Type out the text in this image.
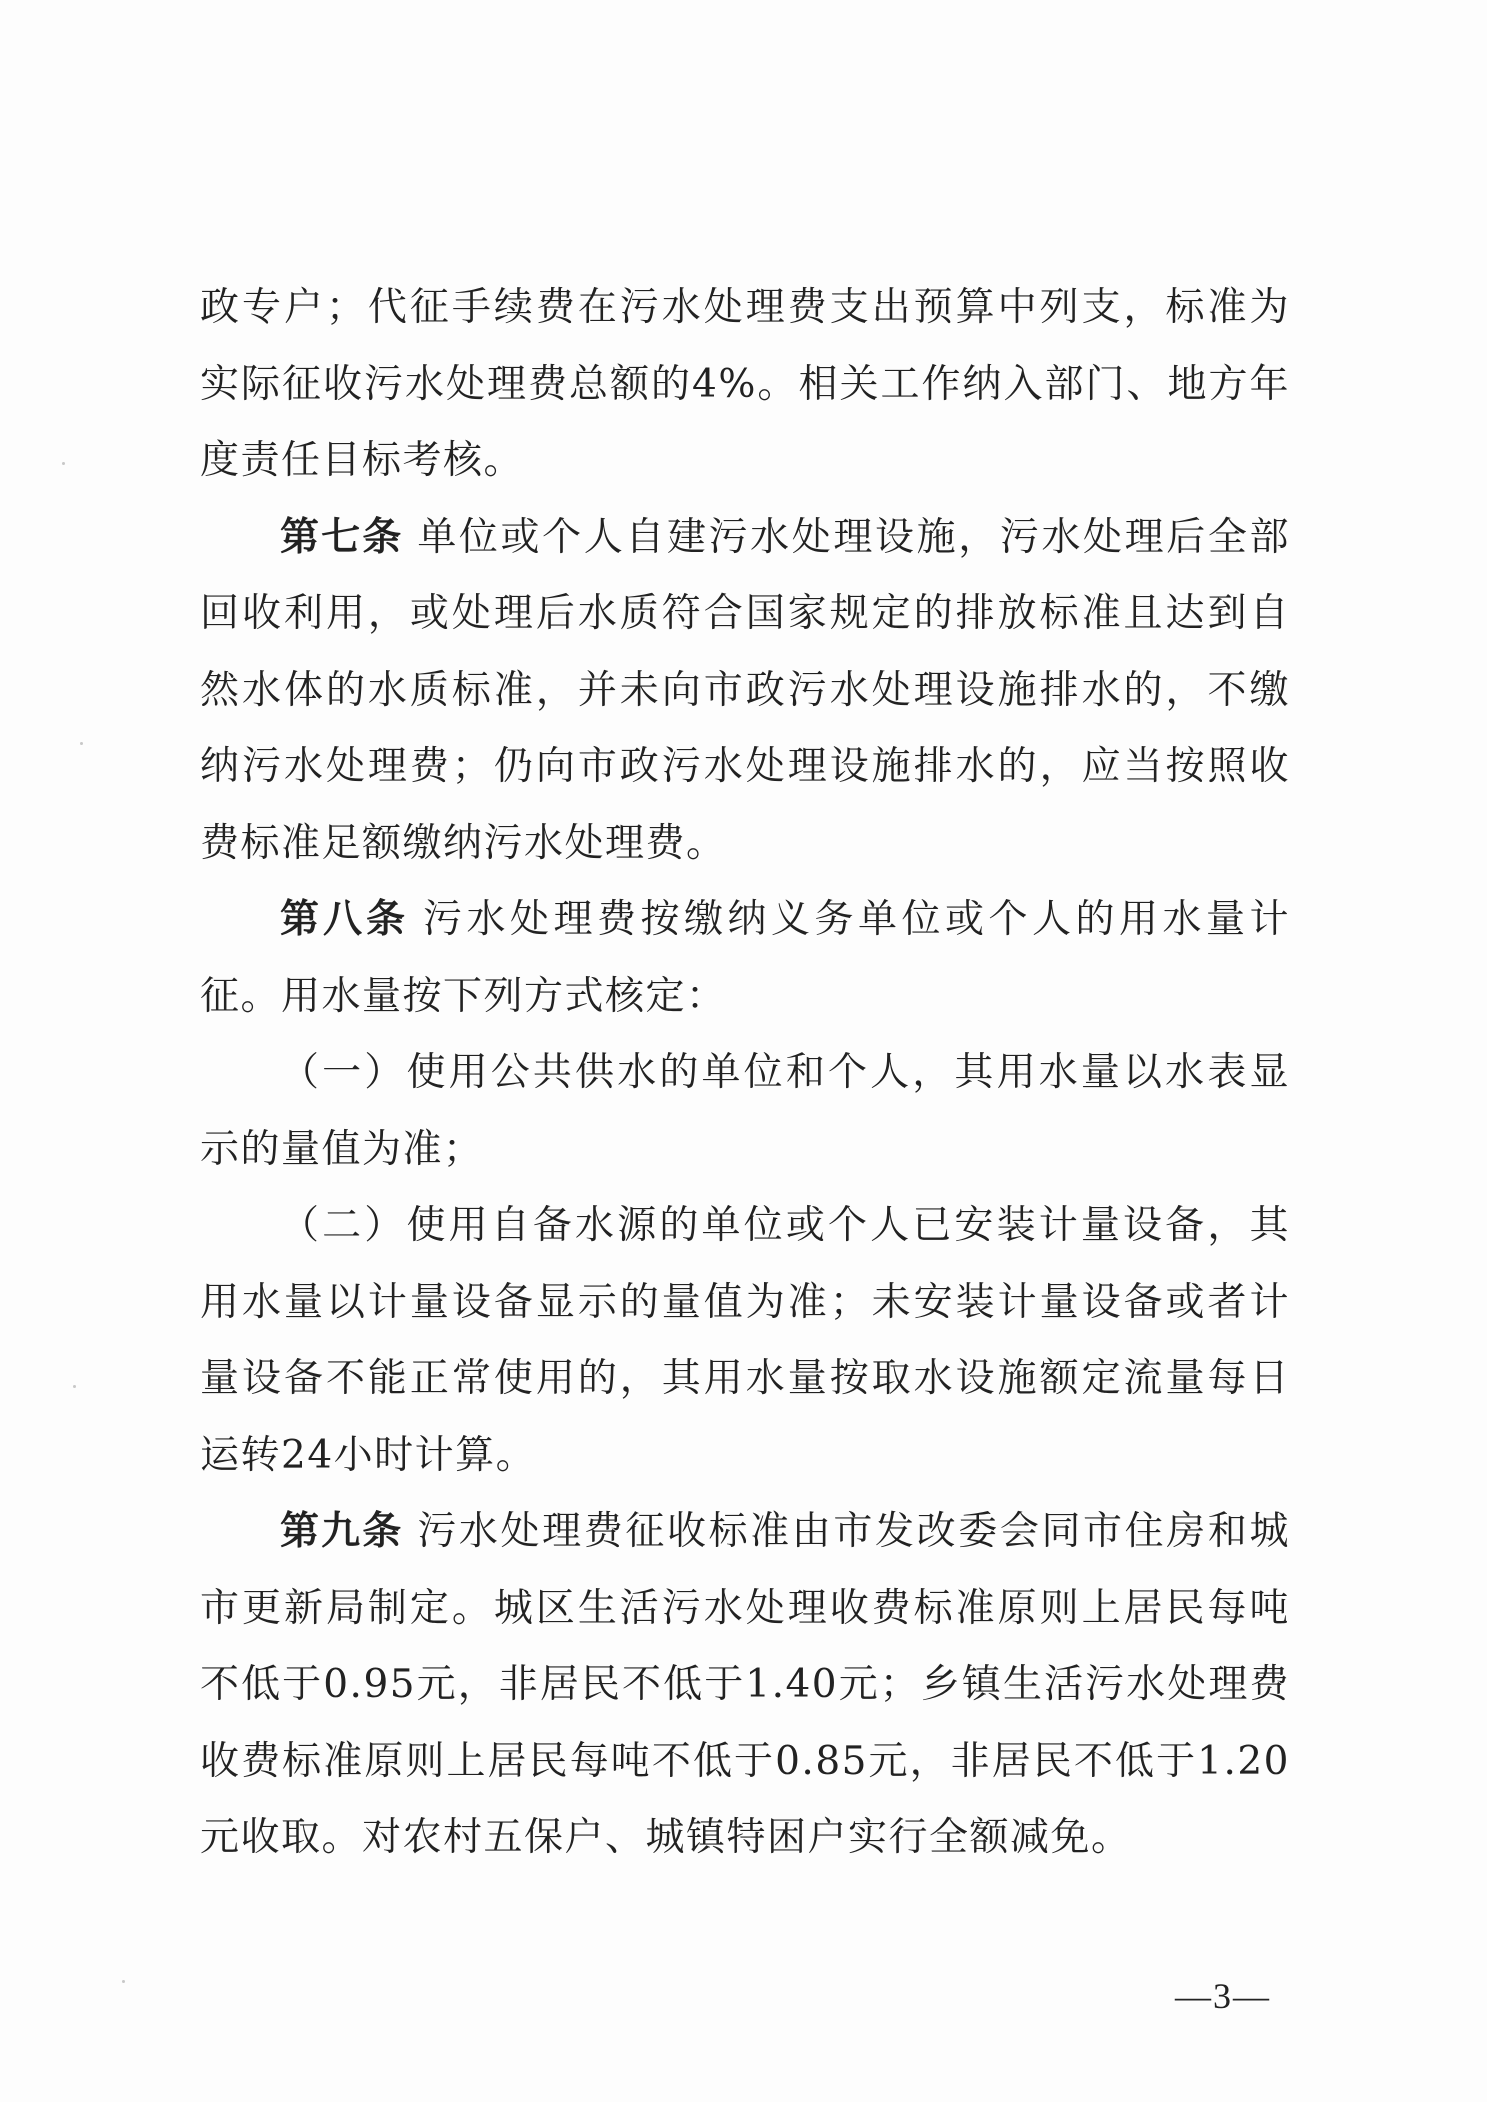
政专户；代征手续费在污水处理费支出预算中列支，标准为实际征收污水处理费总额的4%。相关工作纳入部门、地方年度责任目标考核。

第七条 单位或个人自建污水处理设施，污水处理后全部回收利用，或处理后水质符合国家规定的排放标准且达到自然水体的水质标准，并未向市政污水处理设施排水的，不缴纳污水处理费；仍向市政污水处理设施排水的，应当按照收费标准足额缴纳污水处理费。

第八条 污水处理费按缴纳义务单位或个人的用水量计征。用水量按下列方式核定：

（一）使用公共供水的单位和个人，其用水量以水表显示的量值为准；

（二）使用自备水源的单位或个人已安装计量设备，其用水量以计量设备显示的量值为准；未安装计量设备或者计量设备不能正常使用的，其用水量按取水设施额定流量每日运转24小时计算。

第九条 污水处理费征收标准由市发改委会同市住房和城市更新局制定。城区生活污水处理收费标准原则上居民每吨不低于0.95元，非居民不低于1.40元；乡镇生活污水处理费收费标准原则上居民每吨不低于0.85元，非居民不低于1.20元收取。对农村五保户、城镇特困户实行全额减免。

—3—
